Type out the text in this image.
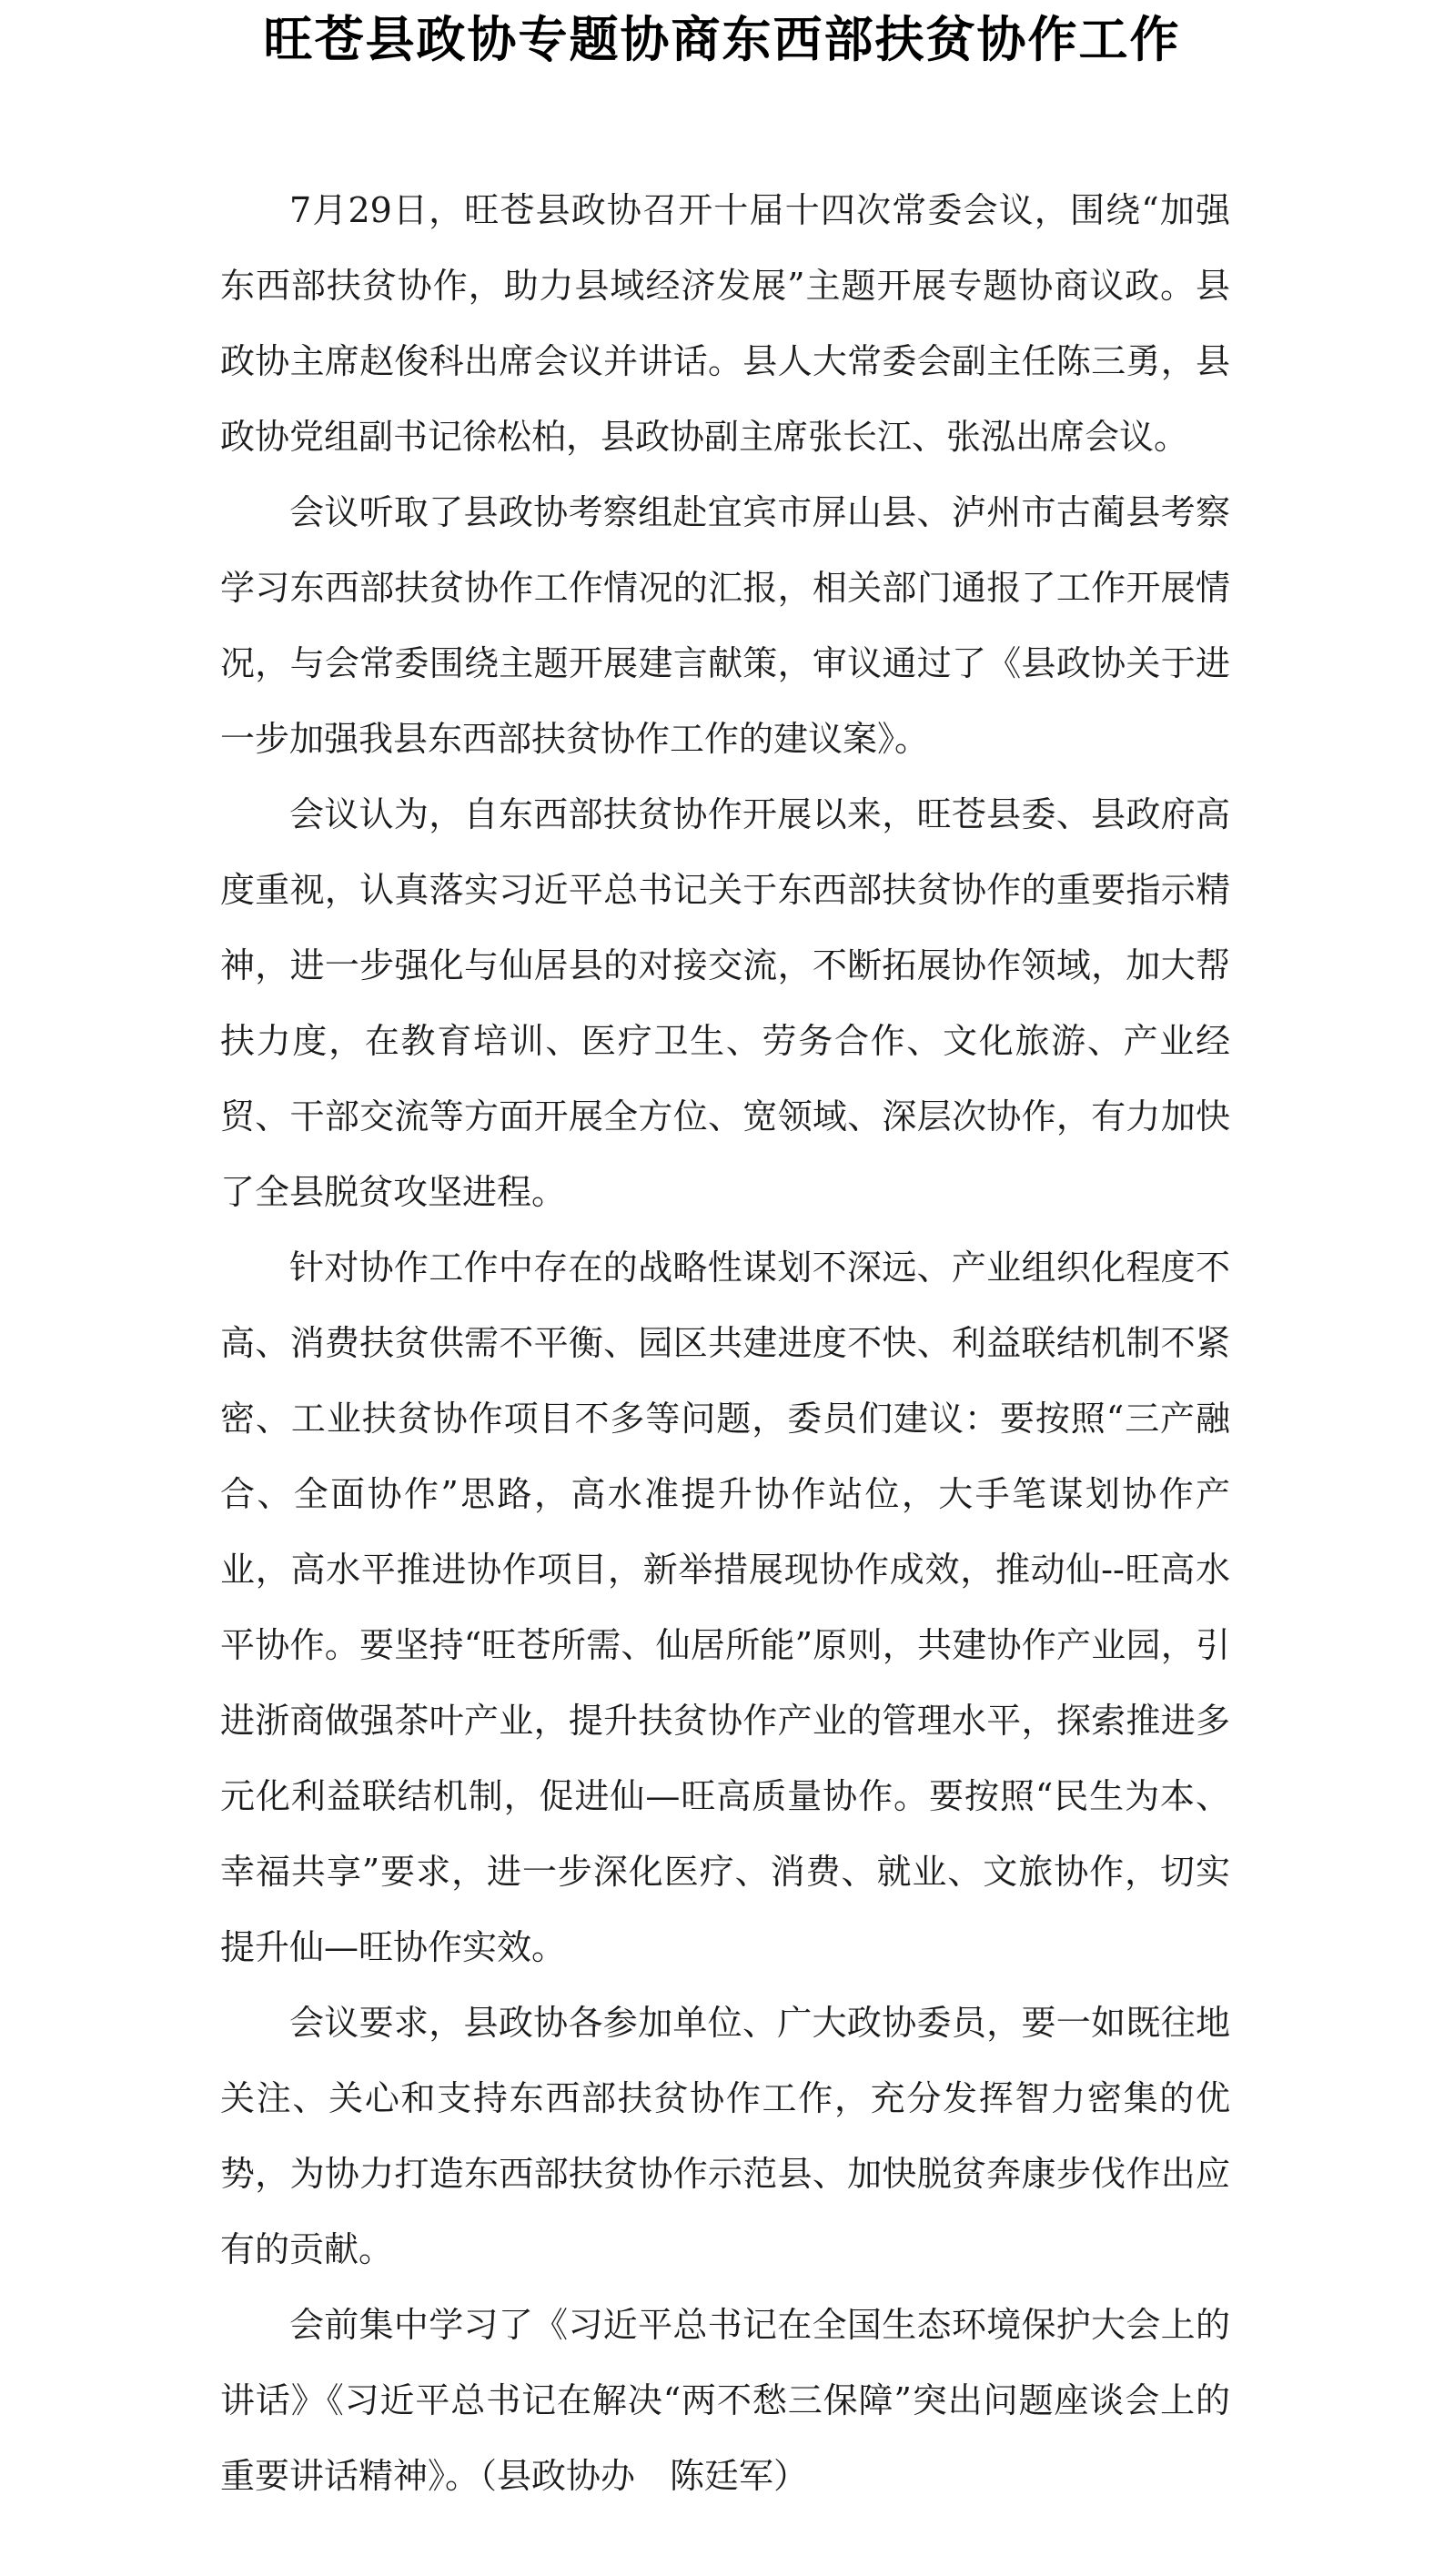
旺苍县政协专题协商东西部扶贫协作工作

7月29日，旺苍县政协召开十届十四次常委会议，围绕“加强东西部扶贫协作，助力县域经济发展”主题开展专题协商议政。县政协主席赵俊科出席会议并讲话。县人大常委会副主任陈三勇，县政协党组副书记徐松柏，县政协副主席张长江、张泓出席会议。

会议听取了县政协考察组赴宜宾市屏山县、泸州市古蔺县考察学习东西部扶贫协作工作情况的汇报，相关部门通报了工作开展情况，与会常委围绕主题开展建言献策，审议通过了《县政协关于进一步加强我县东西部扶贫协作工作的建议案》。

会议认为，自东西部扶贫协作开展以来，旺苍县委、县政府高度重视，认真落实习近平总书记关于东西部扶贫协作的重要指示精神，进一步强化与仙居县的对接交流，不断拓展协作领域，加大帮扶力度，在教育培训、医疗卫生、劳务合作、文化旅游、产业经贸、干部交流等方面开展全方位、宽领域、深层次协作，有力加快了全县脱贫攻坚进程。

针对协作工作中存在的战略性谋划不深远、产业组织化程度不高、消费扶贫供需不平衡、园区共建进度不快、利益联结机制不紧密、工业扶贫协作项目不多等问题，委员们建议：要按照“三产融合、全面协作”思路，高水准提升协作站位，大手笔谋划协作产业，高水平推进协作项目，新举措展现协作成效，推动仙--旺高水平协作。要坚持“旺苍所需、仙居所能”原则，共建协作产业园，引进浙商做强茶叶产业，提升扶贫协作产业的管理水平，探索推进多元化利益联结机制，促进仙—旺高质量协作。要按照“民生为本、幸福共享”要求，进一步深化医疗、消费、就业、文旅协作，切实提升仙—旺协作实效。

会议要求，县政协各参加单位、广大政协委员，要一如既往地关注、关心和支持东西部扶贫协作工作，充分发挥智力密集的优势，为协力打造东西部扶贫协作示范县、加快脱贫奔康步伐作出应有的贡献。

会前集中学习了《习近平总书记在全国生态环境保护大会上的讲话》《习近平总书记在解决“两不愁三保障”突出问题座谈会上的重要讲话精神》。（县政协办　陈廷军）
